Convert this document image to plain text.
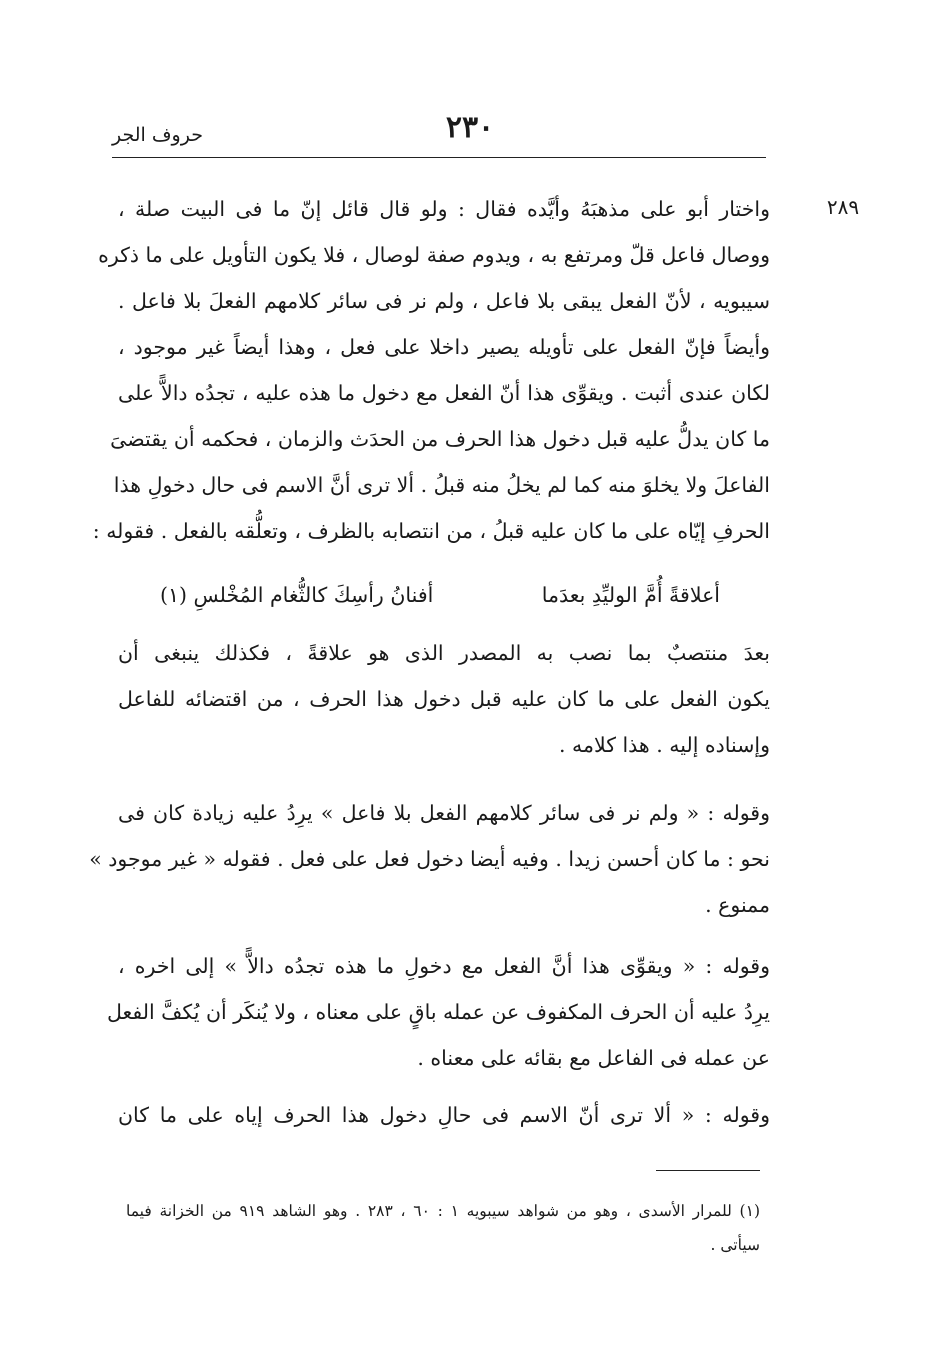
حروف الجر	٢٣٠
٢٨٩
واختار أبو على مذهبَهُ وأيَّده فقال : ولو قال قائل إنّ ما فى البيت صلة ،
ووصال فاعل قلّ ومرتفع به ، ويدوم صفة لوصال ، فلا يكون التأويل على ما ذكره
سيبويه ، لأنّ الفعل يبقى بلا فاعل ، ولم نر فى سائر كلامهم الفعلَ بلا فاعل .
وأيضاً فإنّ الفعل على تأويله يصير داخلا على فعل ، وهذا أيضاً غير موجود ،
لكان عندى أثبت . ويقوِّى هذا أنّ الفعل مع دخول ما هذه عليه ، تجدُه دالاًّ على
ما كان يدلُّ عليه قبل دخول هذا الحرف من الحدَث والزمان ، فحكمه أن يقتضىَ
الفاعلَ ولا يخلوَ منه كما لم يخلُ منه قبلُ . ألا ترى أنَّ الاسم فى حال دخولِ هذا
الحرفِ إيّاه على ما كان عليه قبلُ ، من انتصابه بالظرف ، وتعلُّقه بالفعل . فقوله :
أعلاقةً أُمَّ الوليِّدِ بعدَما
أفنانُ رأسِكَ كالثُّغام المُخْلسِ (١)
بعدَ منتصبٌ بما نصب به المصدر الذى هو علاقةً ، فكذلك ينبغى أن
يكون الفعل على ما كان عليه قبل دخول هذا الحرف ، من اقتضائه للفاعل
وإسناده إليه . هذا كلامه .
وقوله : « ولم نر فى سائر كلامهم الفعل بلا فاعل » يرِدُ عليه زيادة كان فى
نحو : ما كان أحسن زيدا . وفيه أيضا دخول فعل على فعل . فقوله « غير موجود »
ممنوع .
وقوله : « ويقوِّى هذا أنَّ الفعل مع دخولِ ما هذه تجدُه دالاًّ » إلى اخره ،
يرِدُ عليه أن الحرف المكفوف عن عمله باقٍ على معناه ، ولا يُنكَر أن يُكفَّ الفعل
عن عمله فى الفاعل مع بقائه على معناه .
وقوله : « ألا ترى أنّ الاسم فى حالِ دخول هذا الحرف إياه على ما كان
(١) للمرار الأسدى ، وهو من شواهد سيبويه ١ : ٦٠ ، ٢٨٣ . وهو الشاهد ٩١٩ من الخزانة فيما
سيأتى .
